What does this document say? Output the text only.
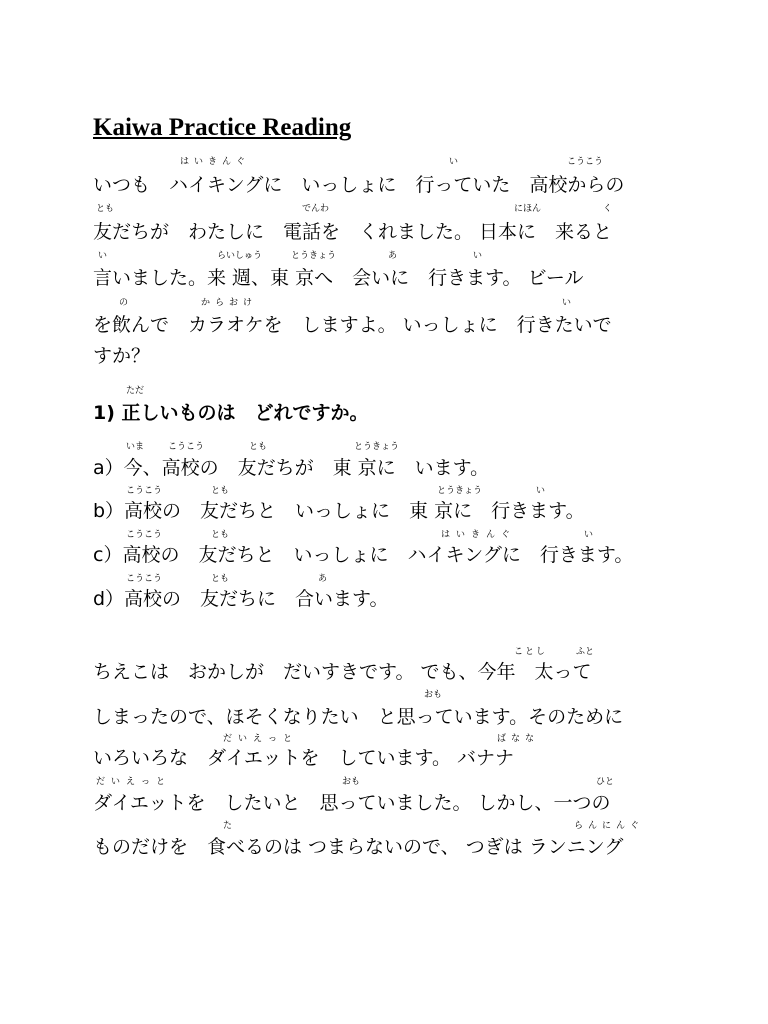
Kaiwa Practice Reading
はいきんぐ	い	こうこう

いつも　ハイキングに　いっしょに　行っていた　高校からの

とも	でんわ	にほん	く

友だちが　わたしに　電話を　くれました。 日本に　来ると

い	らいしゅう	とうきょう	あ	い

言いました。来 週、東 京へ　会いに　行きます。 ビール

の	からおけ	い

を飲んで　カラオケを　しますよ。 いっしょに　行きたいで

すか？

ただ

1) 正しいものは　どれですか。

いま	こうこう	とも	とうきょう

a）今、高校の　友だちが　東 京に　います。

こうこう	とも	とうきょう	い

b）高校の　友だちと　いっしょに　東 京に　行きます。

こうこう	とも	はいきんぐ	い

c）高校の　友だちと　いっしょに　ハイキングに　行きます。

こうこう	とも	あ

d）高校の　友だちに　合います。

ことし	ふと

ちえこは　おかしが　だいすきです。 でも、今年　太って

おも

しまったので、ほそくなりたい　と思っています。そのために

だいえっと	ばなな

いろいろな　ダイエットを　しています。 バナナ

だいえっと	おも	ひと

ダイエットを　したいと　思っていました。 しかし、一つの

た	らんにんぐ

ものだけを　食べるのは つまらないので、 つぎは ランニング
